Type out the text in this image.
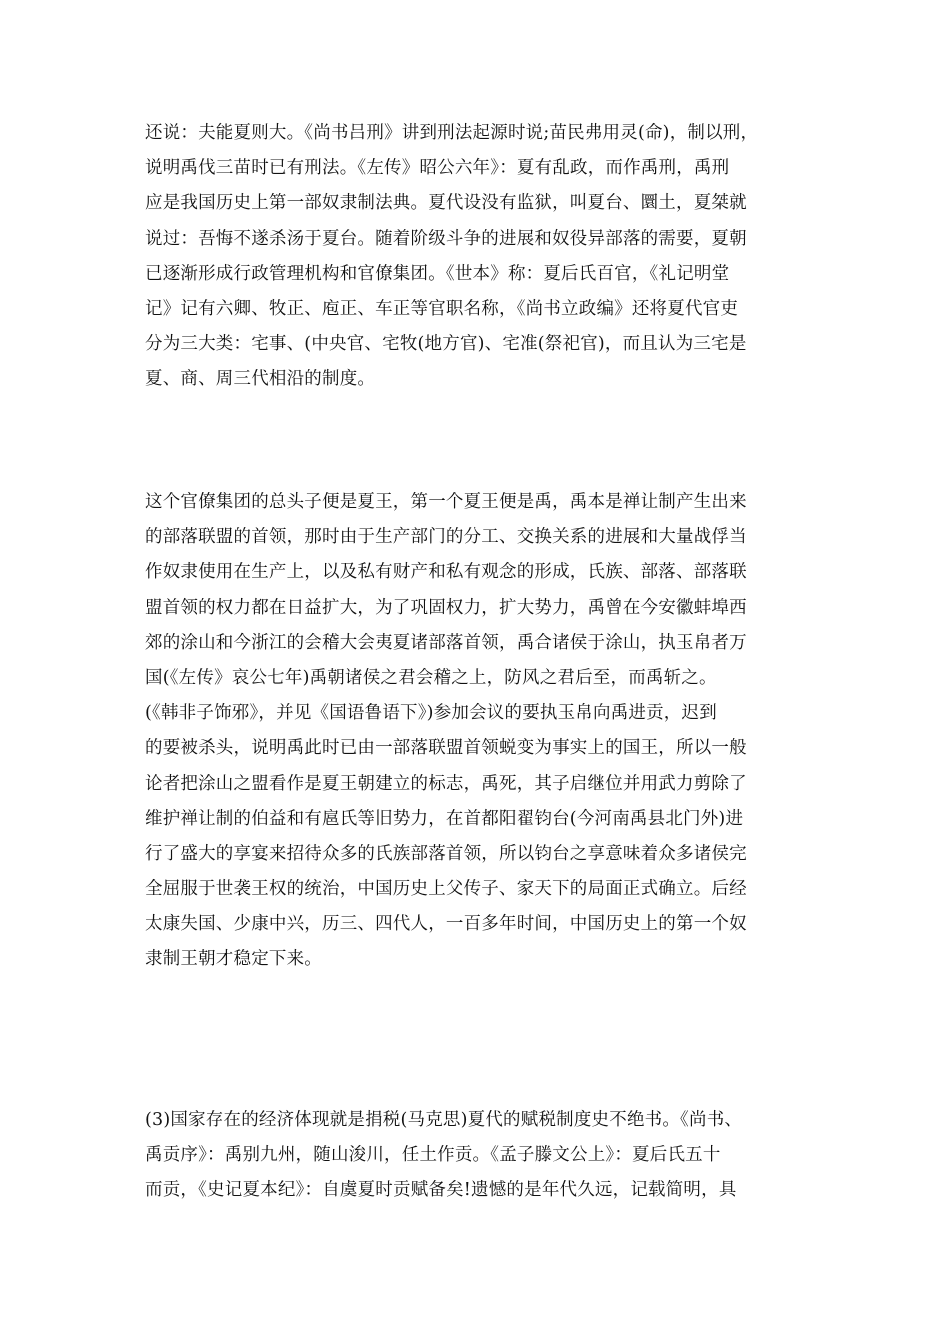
还说：夫能夏则大。《尚书吕刑》讲到刑法起源时说;苗民弗用灵(命)，制以刑，
说明禹伐三苗时已有刑法。《左传》昭公六年》：夏有乱政，而作禹刑，禹刑
应是我国历史上第一部奴隶制法典。夏代设没有监狱，叫夏台、圜土，夏桀就
说过：吾悔不遂杀汤于夏台。随着阶级斗争的进展和奴役异部落的需要，夏朝
已逐渐形成行政管理机构和官僚集团。《世本》称：夏后氏百官，《礼记明堂
记》记有六卿、牧正、庖正、车正等官职名称，《尚书立政编》还将夏代官吏
分为三大类：宅事、(中央官、宅牧(地方官)、宅准(祭祀官)，而且认为三宅是
夏、商、周三代相沿的制度。
这个官僚集团的总头子便是夏王，第一个夏王便是禹，禹本是禅让制产生出来
的部落联盟的首领，那时由于生产部门的分工、交换关系的进展和大量战俘当
作奴隶使用在生产上，以及私有财产和私有观念的形成，氏族、部落、部落联
盟首领的权力都在日益扩大，为了巩固权力，扩大势力，禹曾在今安徽蚌埠西
郊的涂山和今浙江的会稽大会夷夏诸部落首领，禹合诸侯于涂山，执玉帛者万
国(《左传》哀公七年)禹朝诸侯之君会稽之上，防风之君后至，而禹斩之。
(《韩非子饰邪》，并见《国语鲁语下》)参加会议的要执玉帛向禹进贡，迟到
的要被杀头，说明禹此时已由一部落联盟首领蜕变为事实上的国王，所以一般
论者把涂山之盟看作是夏王朝建立的标志，禹死，其子启继位并用武力剪除了
维护禅让制的伯益和有扈氏等旧势力，在首都阳翟钧台(今河南禹县北门外)进
行了盛大的享宴来招待众多的氏族部落首领，所以钧台之享意味着众多诸侯完
全屈服于世袭王权的统治，中国历史上父传子、家天下的局面正式确立。后经
太康失国、少康中兴，历三、四代人，一百多年时间，中国历史上的第一个奴
隶制王朝才稳定下来。
(3)国家存在的经济体现就是捐税(马克思)夏代的赋税制度史不绝书。《尚书、
禹贡序》：禹别九州，随山浚川，任土作贡。《孟子滕文公上》：夏后氏五十
而贡，《史记夏本纪》：自虞夏时贡赋备矣!遗憾的是年代久远，记载简明，具
